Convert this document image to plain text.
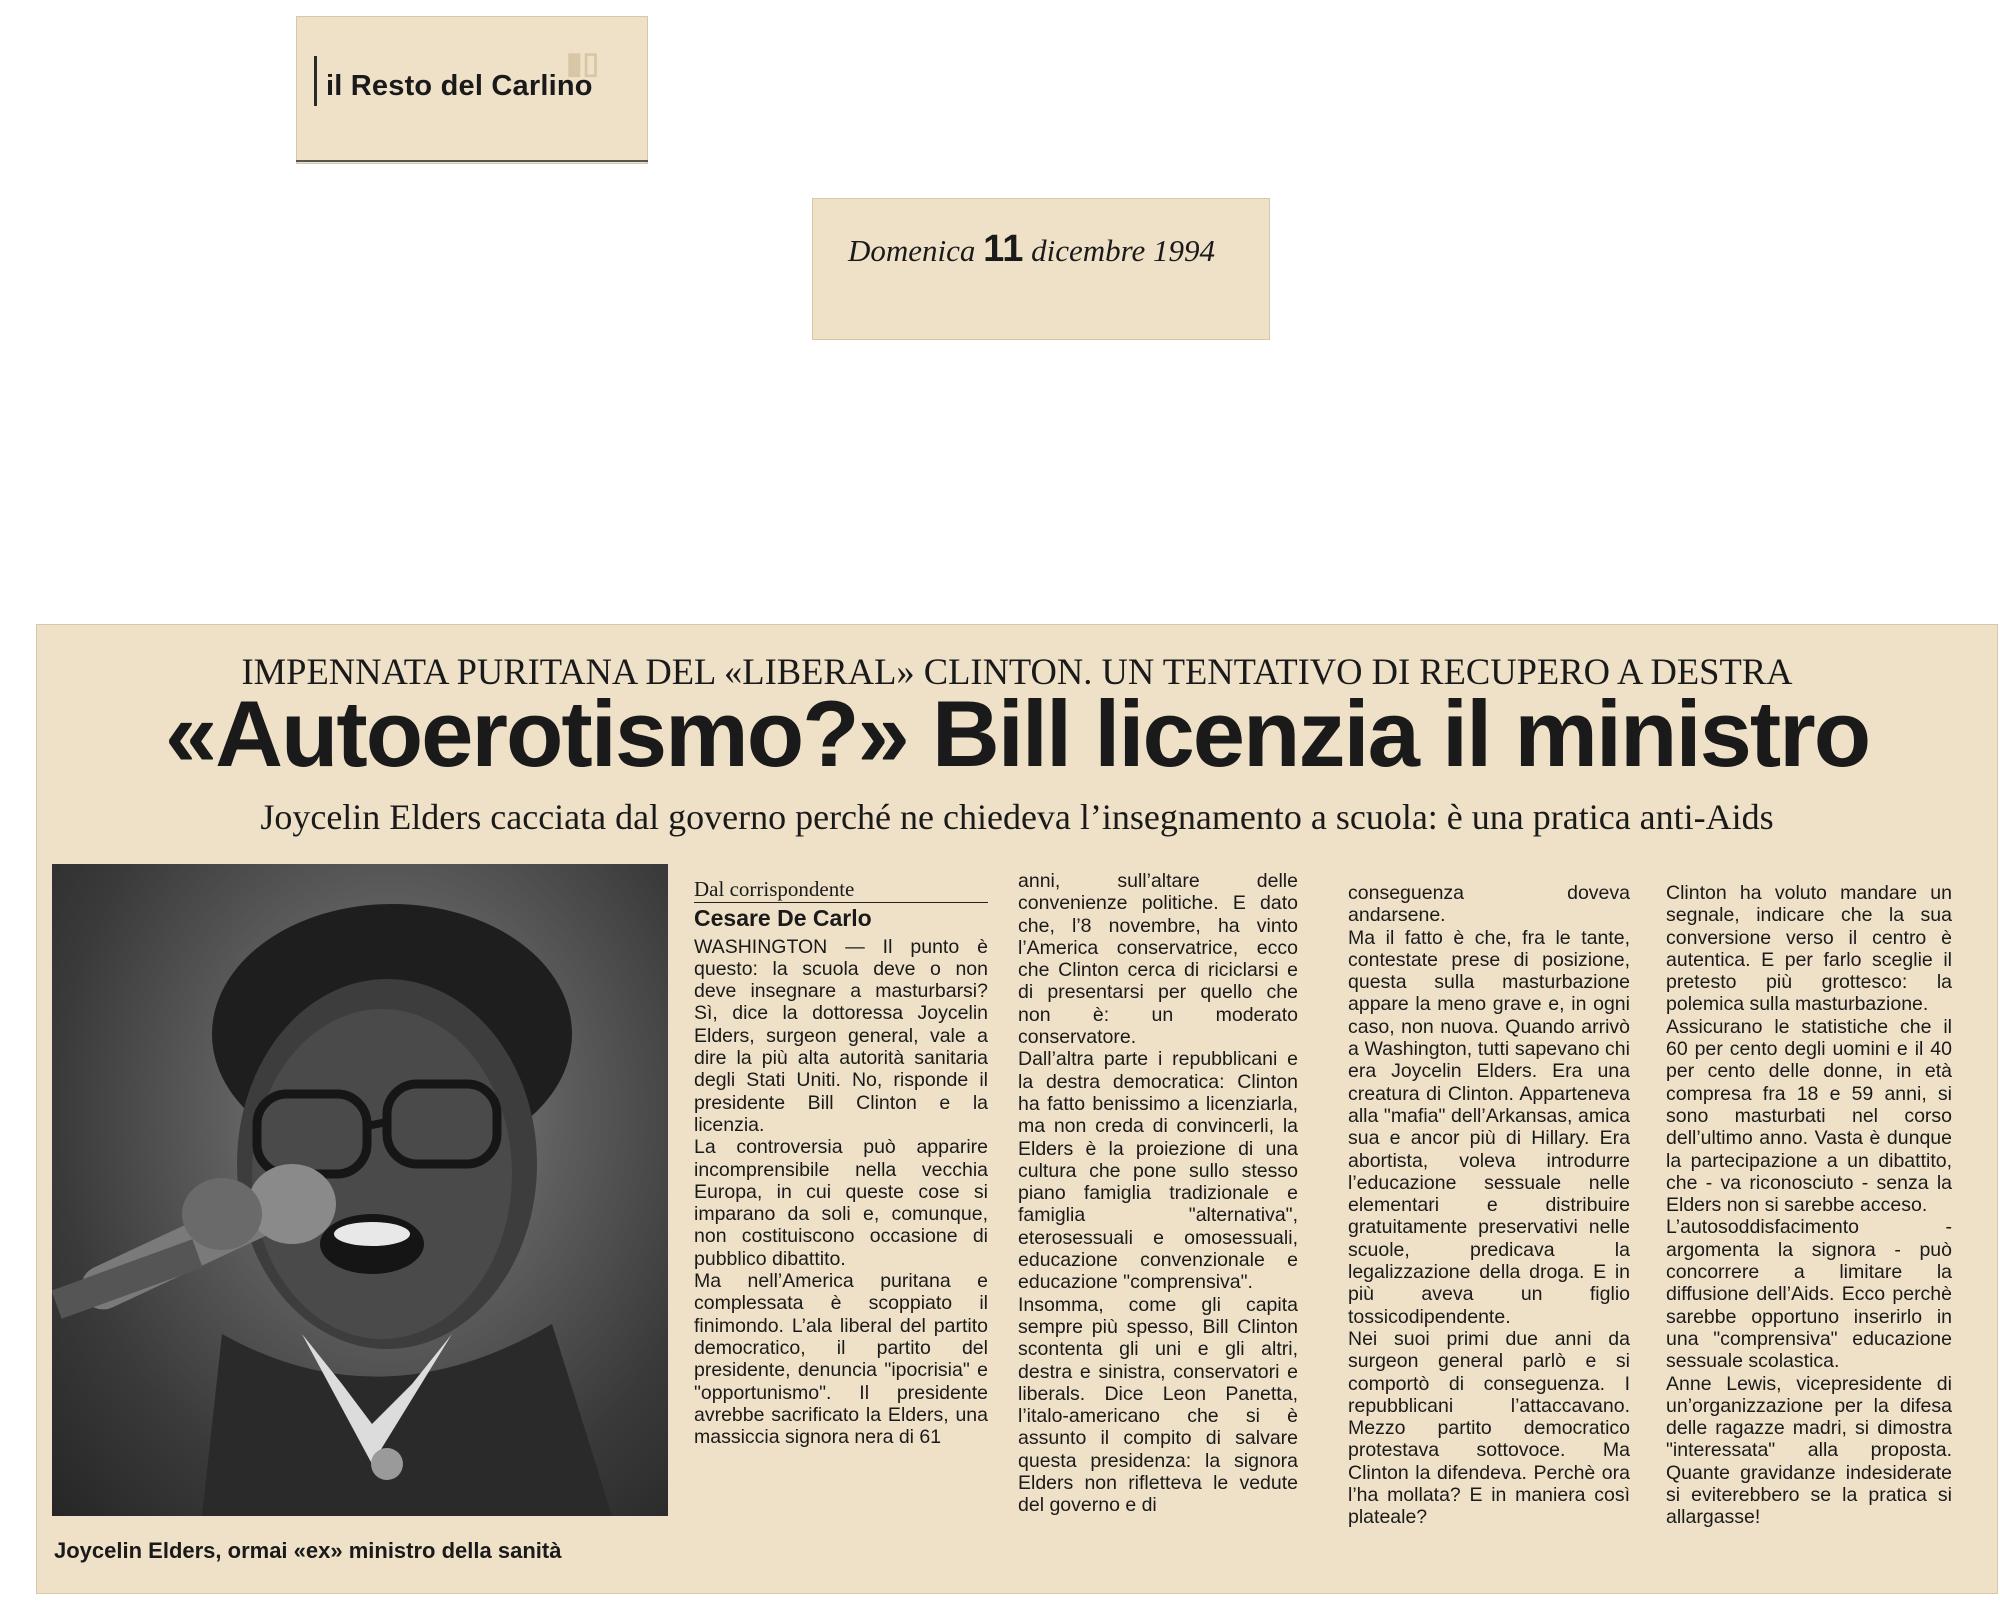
▮▯
il Resto del Carlino
Domenica 11 dicembre 1994
IMPENNATA PURITANA DEL «LIBERAL» CLINTON. UN TENTATIVO DI RECUPERO A DESTRA
«Autoerotismo?» Bill licenzia il ministro
Joycelin Elders cacciata dal governo perché ne chiedeva l’insegnamento a scuola: è una pratica anti-Aids
Joycelin Elders, ormai «ex» ministro della sanità
Dal corrispondente
Cesare De Carlo

WASHINGTON — Il punto è questo: la scuola deve o non deve insegnare a masturbarsi? Sì, dice la dottoressa Joycelin Elders, surgeon general, vale a dire la più alta autorità sanitaria degli Stati Uniti. No, risponde il presidente Bill Clinton e la licenzia.

La controversia può apparire incomprensibile nella vecchia Europa, in cui queste cose si imparano da soli e, comunque, non costituiscono occasione di pubblico dibattito.

Ma nell’America puritana e complessata è scoppiato il finimondo. L’ala liberal del partito democratico, il partito del presidente, denuncia "ipocrisia" e "opportunismo". Il presidente avrebbe sacrificato la Elders, una massiccia signora nera di 61

anni, sull’altare delle convenienze politiche. E dato che, l’8 novembre, ha vinto l’America conservatrice, ecco che Clinton cerca di riciclarsi e di presentarsi per quello che non è: un moderato conservatore.

Dall’altra parte i repubblicani e la destra democratica: Clinton ha fatto benissimo a licenziarla, ma non creda di convincerli, la Elders è la proiezione di una cultura che pone sullo stesso piano famiglia tradizionale e famiglia "alternativa", eterosessuali e omosessuali, educazione convenzionale e educazione "comprensiva".

Insomma, come gli capita sempre più spesso, Bill Clinton scontenta gli uni e gli altri, destra e sinistra, conservatori e liberals. Dice Leon Panetta, l’italo-americano che si è assunto il compito di salvare questa presidenza: la signora Elders non rifletteva le vedute del governo e di

conseguenza doveva andarsene.

Ma il fatto è che, fra le tante, contestate prese di posizione, questa sulla masturbazione appare la meno grave e, in ogni caso, non nuova. Quando arrivò a Washington, tutti sapevano chi era Joycelin Elders. Era una creatura di Clinton. Apparteneva alla "mafia" dell’Arkansas, amica sua e ancor più di Hillary. Era abortista, voleva introdurre l’educazione sessuale nelle elementari e distribuire gratuitamente preservativi nelle scuole, predicava la legalizzazione della droga. E in più aveva un figlio tossicodipendente.

Nei suoi primi due anni da surgeon general parlò e si comportò di conseguenza. I repubblicani l’attaccavano. Mezzo partito democratico protestava sottovoce. Ma Clinton la difendeva. Perchè ora l’ha mollata? E in maniera così plateale?

Clinton ha voluto mandare un segnale, indicare che la sua conversione verso il centro è autentica. E per farlo sceglie il pretesto più grottesco: la polemica sulla masturbazione.

Assicurano le statistiche che il 60 per cento degli uomini e il 40 per cento delle donne, in età compresa fra 18 e 59 anni, si sono masturbati nel corso dell’ultimo anno. Vasta è dunque la partecipazione a un dibattito, che - va riconosciuto - senza la Elders non si sarebbe acceso.

L’autosoddisfacimento - argomenta la signora - può concorrere a limitare la diffusione dell’Aids. Ecco perchè sarebbe opportuno inserirlo in una "comprensiva" educazione sessuale scolastica.

Anne Lewis, vicepresidente di un’organizzazione per la difesa delle ragazze madri, si dimostra "interessata" alla proposta. Quante gravidanze indesiderate si eviterebbero se la pratica si allargasse!
